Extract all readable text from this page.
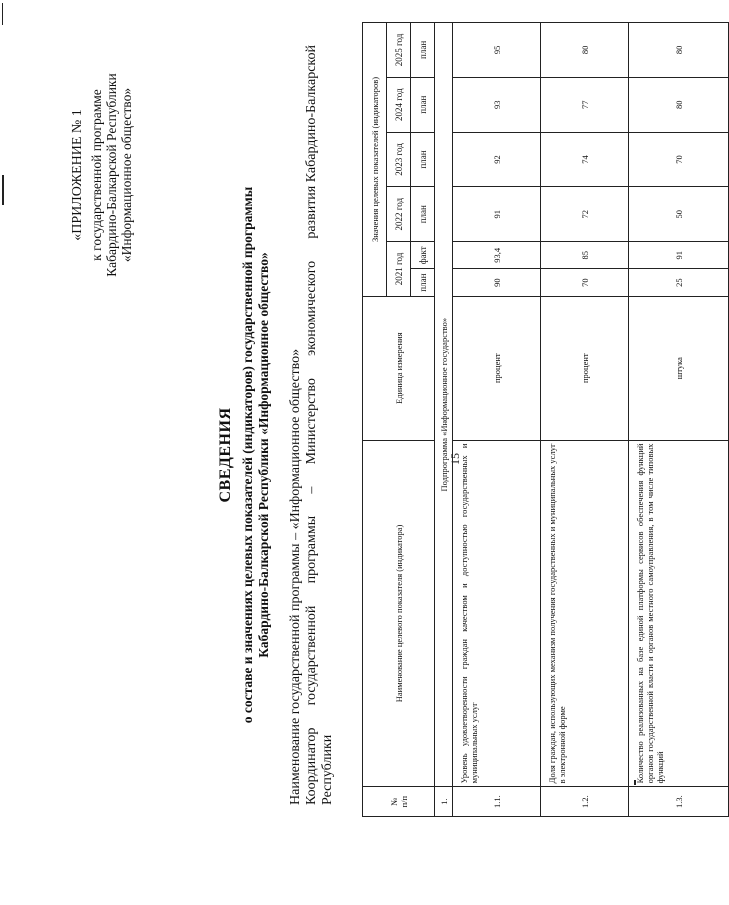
15
«ПРИЛОЖЕНИЕ № 1 к государственной программе Кабардино-Балкарской Республики «Информационное общество»
СВЕДЕНИЯ о составе и значениях целевых показателей (индикаторов) государственной программы Кабардино-Балкарской Республики «Информационное общество» Наименование государственной программы – «Информационное общество» Координатор
государственной
программы
–
Министерство
экономического
развития Кабардино-Балкарской
Республики	№
п/п	Наименование целевого показателя (индикатора)	Единица измерения	Значения целевых показателей (индикаторов)					
			2021 год		2022 год	2023 год	2024 год	2025 год
			план	факт	план	план	план	план
1.	Подпрограмма «Информационное государство»							
1.1.	Уровень удовлетворенности граждан качеством и доступностью государственных и муниципальных услуг	процент	90	93,4	91	92	93	95
1.2.	Доля граждан, использующих механизм получения государственных и муниципальных услуг в электронной форме	процент	70	85	72	74	77	80
1.3.	Количество реализованных на базе единой платформы сервисов обеспечения функций органов государственной власти и органов местного самоуправления, в том числе типовых функций	штука	25	91	50	70	80	80
